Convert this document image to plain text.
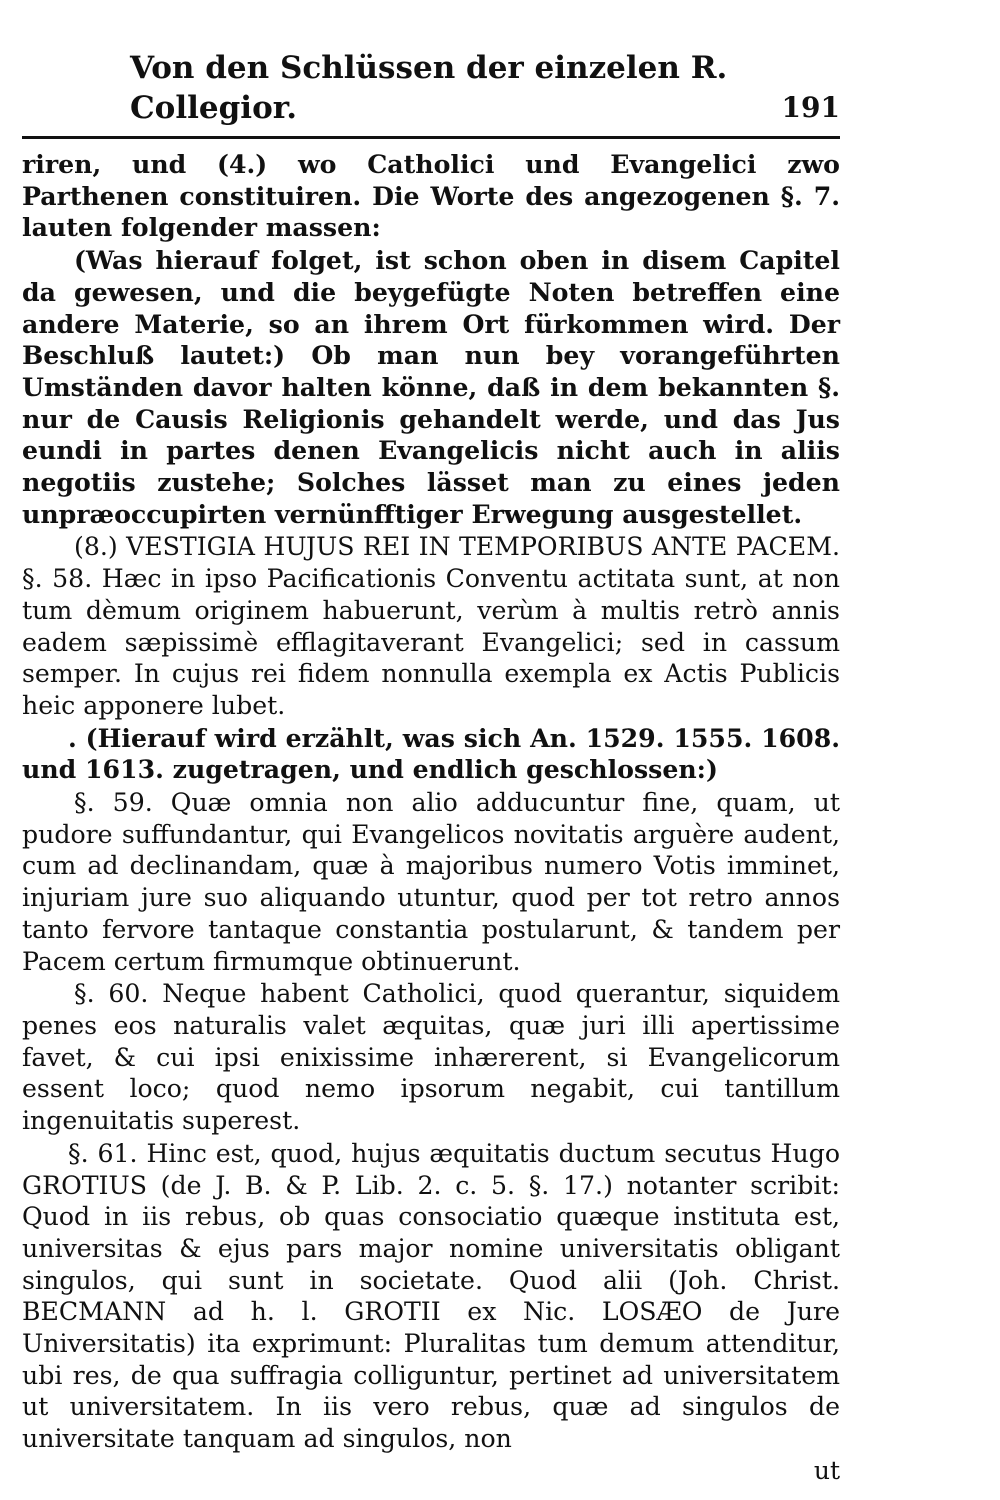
Von den Schlüssen der einzelen R. Collegior.	191

riren, und (4.) wo Catholici und Evangelici zwo Parthenen constituiren. Die Worte des angezogenen §. 7. lauten folgender massen:

(Was hierauf folget, ist schon oben in disem Capitel da gewesen, und die beygefügte Noten betreffen eine andere Materie, so an ihrem Ort fürkommen wird. Der Beschluß lautet:) Ob man nun bey vorangeführten Umständen davor halten könne, daß in dem bekannten §. nur de Causis Religionis gehandelt werde, und das Jus eundi in partes denen Evangelicis nicht auch in aliis negotiis zustehe; Solches lässet man zu eines jeden unpræoccupirten vernünfftiger Erwegung ausgestellet.

(8.) VESTIGIA HUJUS REI IN TEMPORIBUS ANTE PACEM. §. 58. Hæc in ipso Pacificationis Conventu actitata sunt, at non tum dèmum originem habuerunt, verùm à multis retrò annis eadem sæpissimè efflagitaverant Evangelici; sed in cassum semper. In cujus rei fidem nonnulla exempla ex Actis Publicis heic apponere lubet.

. (Hierauf wird erzählt, was sich An. 1529. 1555. 1608. und 1613. zugetragen, und endlich geschlossen:)

§. 59. Quæ omnia non alio adducuntur fine, quam, ut pudore suffundantur, qui Evangelicos novitatis arguère audent, cum ad declinandam, quæ à majoribus numero Votis imminet, injuriam jure suo aliquando utuntur, quod per tot retro annos tanto fervore tantaque constantia postularunt, & tandem per Pacem certum firmumque obtinuerunt.

§. 60. Neque habent Catholici, quod querantur, siquidem penes eos naturalis valet æquitas, quæ juri illi apertissime favet, & cui ipsi enixissime inhærerent, si Evangelicorum essent loco; quod nemo ipsorum negabit, cui tantillum ingenuitatis superest.

§. 61. Hinc est, quod, hujus æquitatis ductum secutus Hugo GROTIUS (de J. B. & P. Lib. 2. c. 5. §. 17.) notanter scribit: Quod in iis rebus, ob quas consociatio quæque instituta est, universitas & ejus pars major nomine universitatis obligant singulos, qui sunt in societate. Quod alii (Joh. Christ. BECMANN ad h. l. GROTII ex Nic. LOSÆO de Jure Universitatis) ita exprimunt: Pluralitas tum demum attenditur, ubi res, de qua suffragia colliguntur, pertinet ad universitatem ut universitatem. In iis vero rebus, quæ ad singulos de universitate tanquam ad singulos, non

ut
